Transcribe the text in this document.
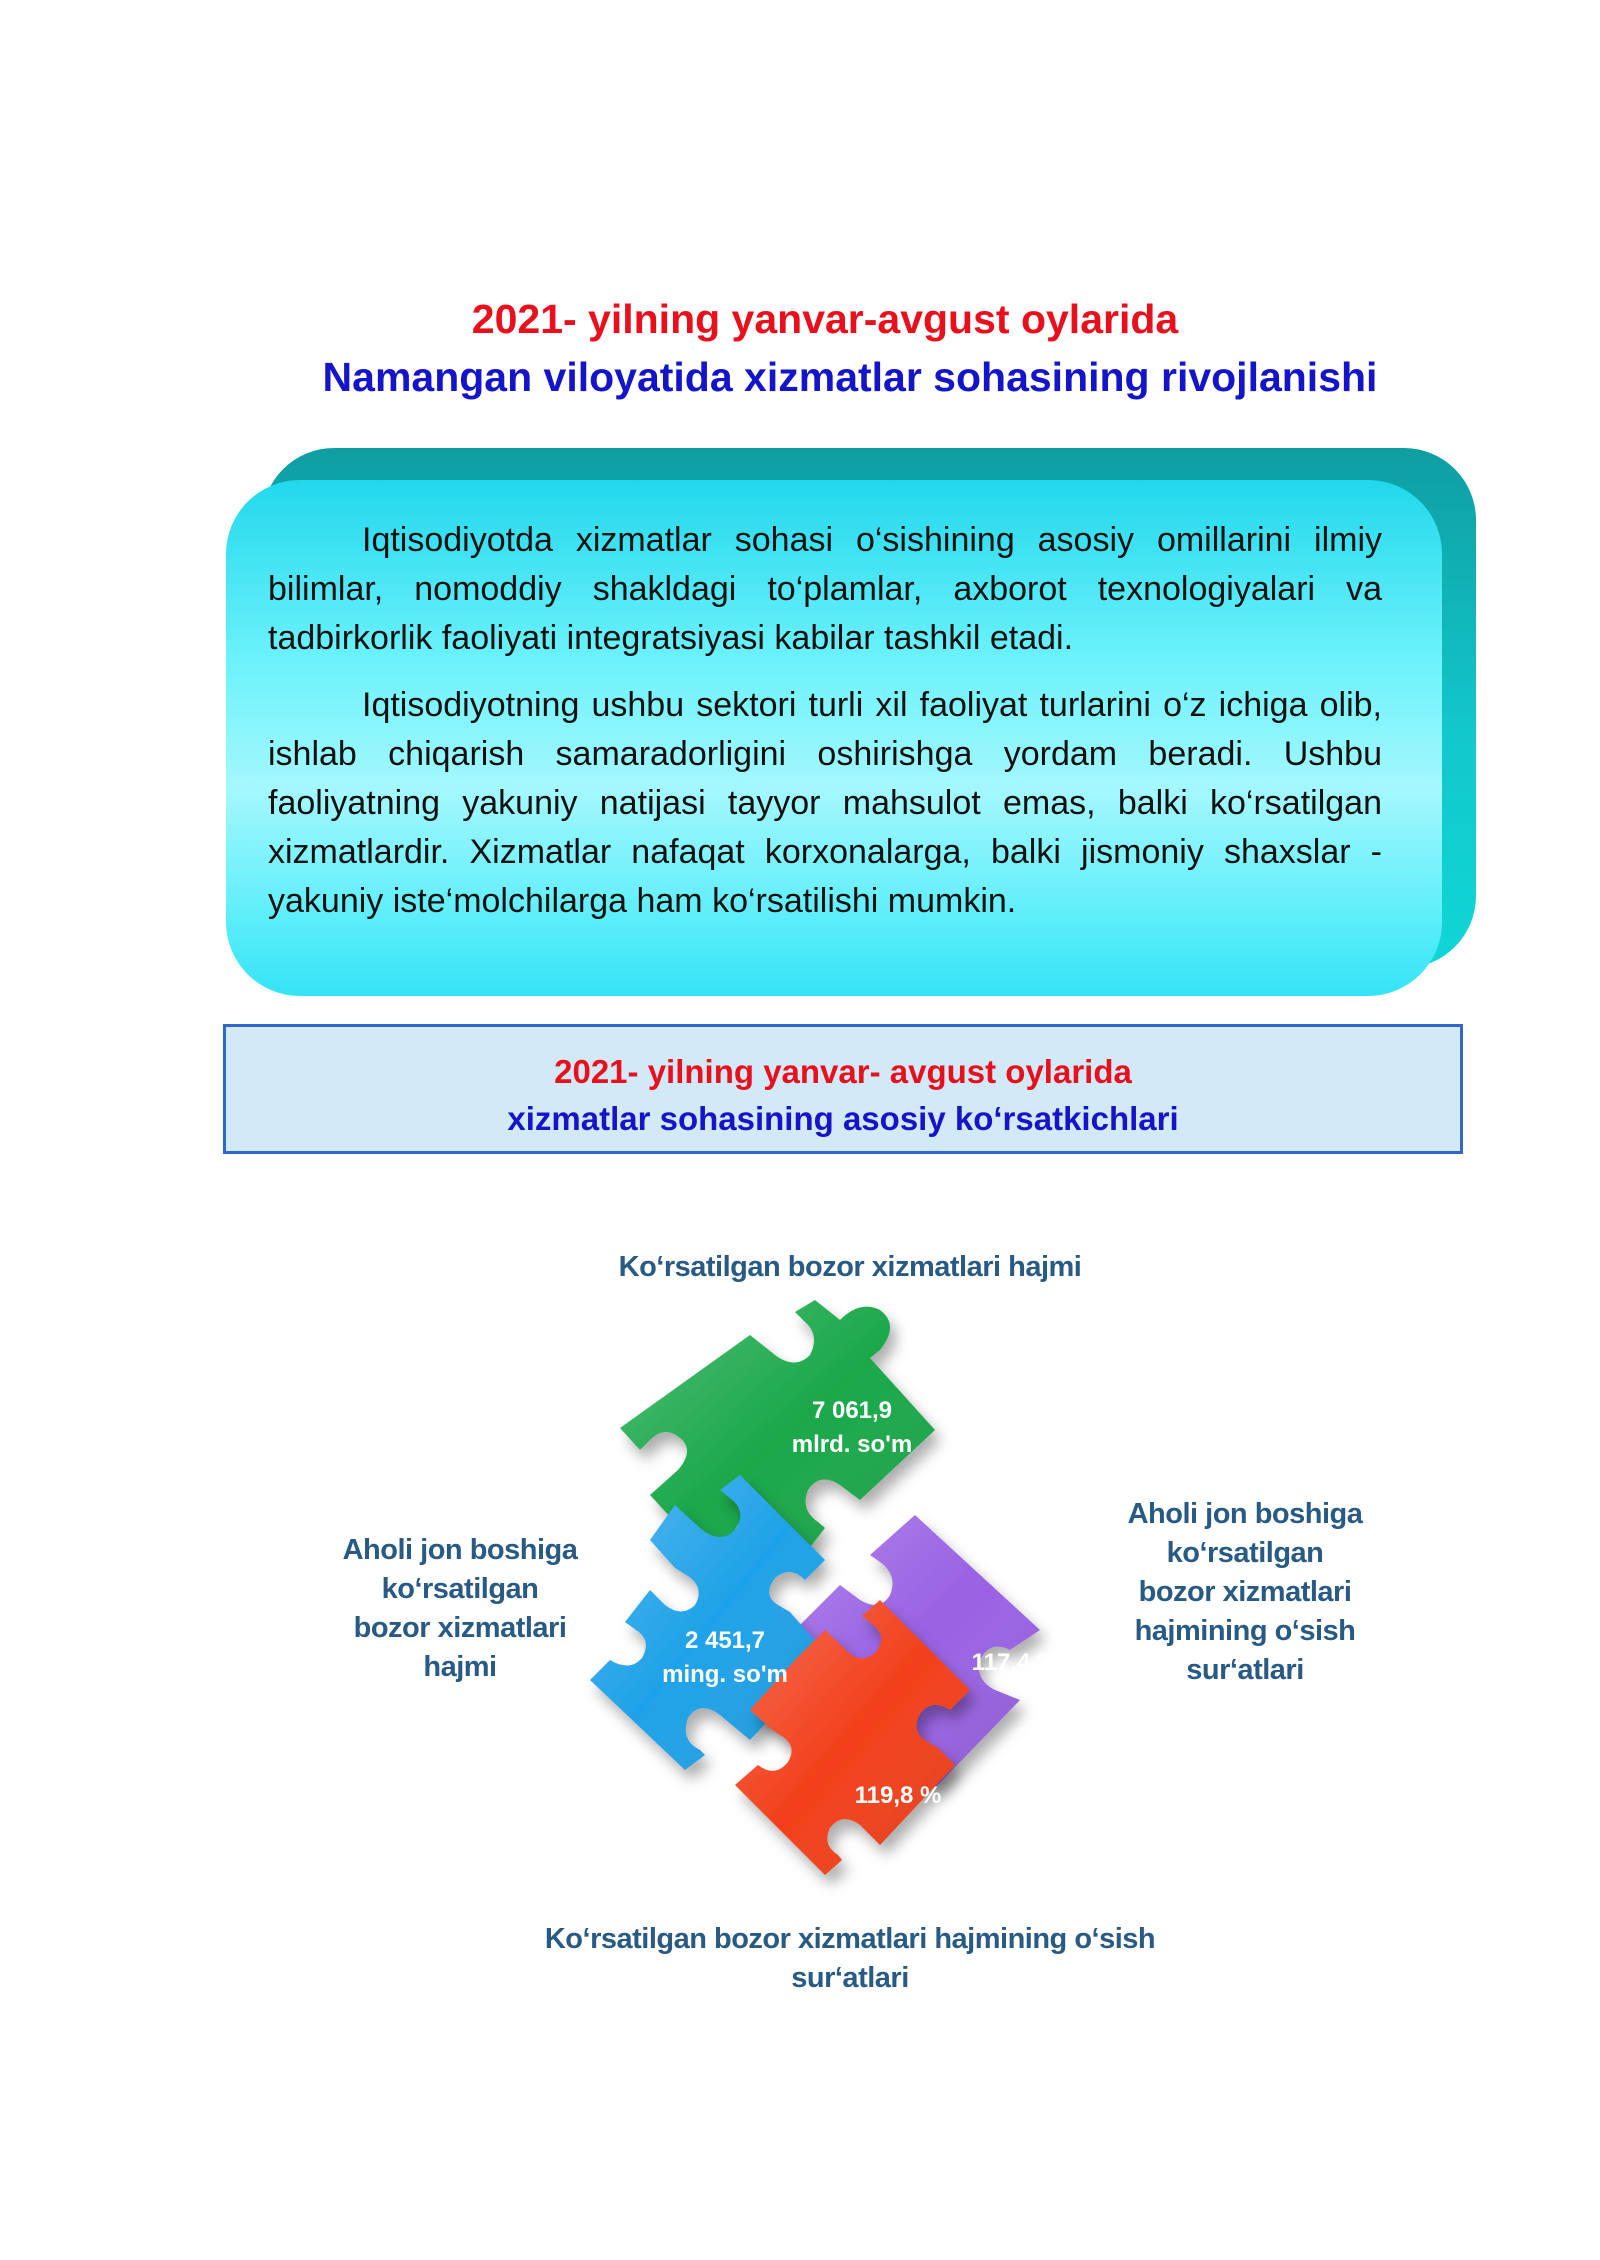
2021- yilning yanvar-avgust oylarida
Namangan viloyatida xizmatlar sohasining rivojlanishi

Iqtisodiyotda xizmatlar sohasi o‘sishining asosiy omillarini ilmiy bilimlar, nomoddiy shakldagi to‘plamlar, axborot texnologiyalari va tadbirkorlik faoliyati integratsiyasi kabilar tashkil etadi.

Iqtisodiyotning ushbu sektori turli xil faoliyat turlarini o‘z ichiga olib, ishlab chiqarish samaradorligini oshirishga yordam beradi. Ushbu faoliyatning yakuniy natijasi tayyor mahsulot emas, balki ko‘rsatilgan xizmatlardir. Xizmatlar nafaqat korxonalarga, balki jismoniy shaxslar - yakuniy iste‘molchilarga ham ko‘rsatilishi mumkin.

2021- yilning yanvar- avgust oylarida
xizmatlar sohasining asosiy ko‘rsatkichlari
Ko‘rsatilgan bozor xizmatlari hajmi
Aholi jon boshiga
ko‘rsatilgan
bozor xizmatlari
hajmi
Aholi jon boshiga
ko‘rsatilgan
bozor xizmatlari
hajmining o‘sish
sur‘atlari
Ko‘rsatilgan bozor xizmatlari hajmining o‘sish
sur‘atlari
7 061,9
mlrd. so'm
2 451,7
ming. so'm	117,4 %
119,8 %
